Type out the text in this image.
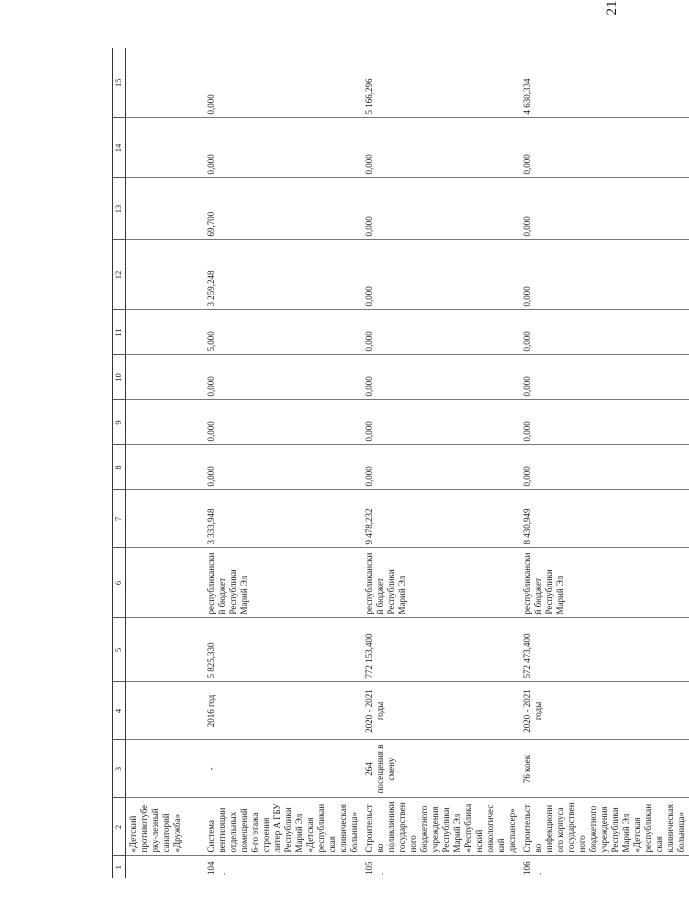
21
1	2	3	4	5	6	7	8	9	10	11	12	13	14	15
	«Детский противотуберку-лезный санаторий «Дружба»													
104.	Система вентиляции отдельных помещений 6-го этажа строения литер А ГБУ Республики Марий Эл «Детская республиканская клиническая больница»	-	2016 год	5 825,330	республиканский бюджет Республики Марий Эл	3 333,948	0,000	0,000	0,000	5,000	3 259,248	69,700	0,000	0,000
105.	Строительство поликлиники государственного бюджетного учреждения Республики Марий Эл «Республиканский онкологический диспансер»	264 посещения в смену	2020 - 2021 годы	772 153,400	республиканский бюджет Республики Марий Эл	9 478,232	0,000	0,000	0,000	0,000	0,000	0,000	0,000	5 166,296
106.	Строительство инфекционного корпуса государственного бюджетного учреждения Республики Марий Эл «Детская республиканская клиническая больница»	76 коек	2020 - 2021 годы	572 473,400	республиканский бюджет Республики Марий Эл	8 430,949	0,000	0,000	0,000	0,000	0,000	0,000	0,000	4 630,334
